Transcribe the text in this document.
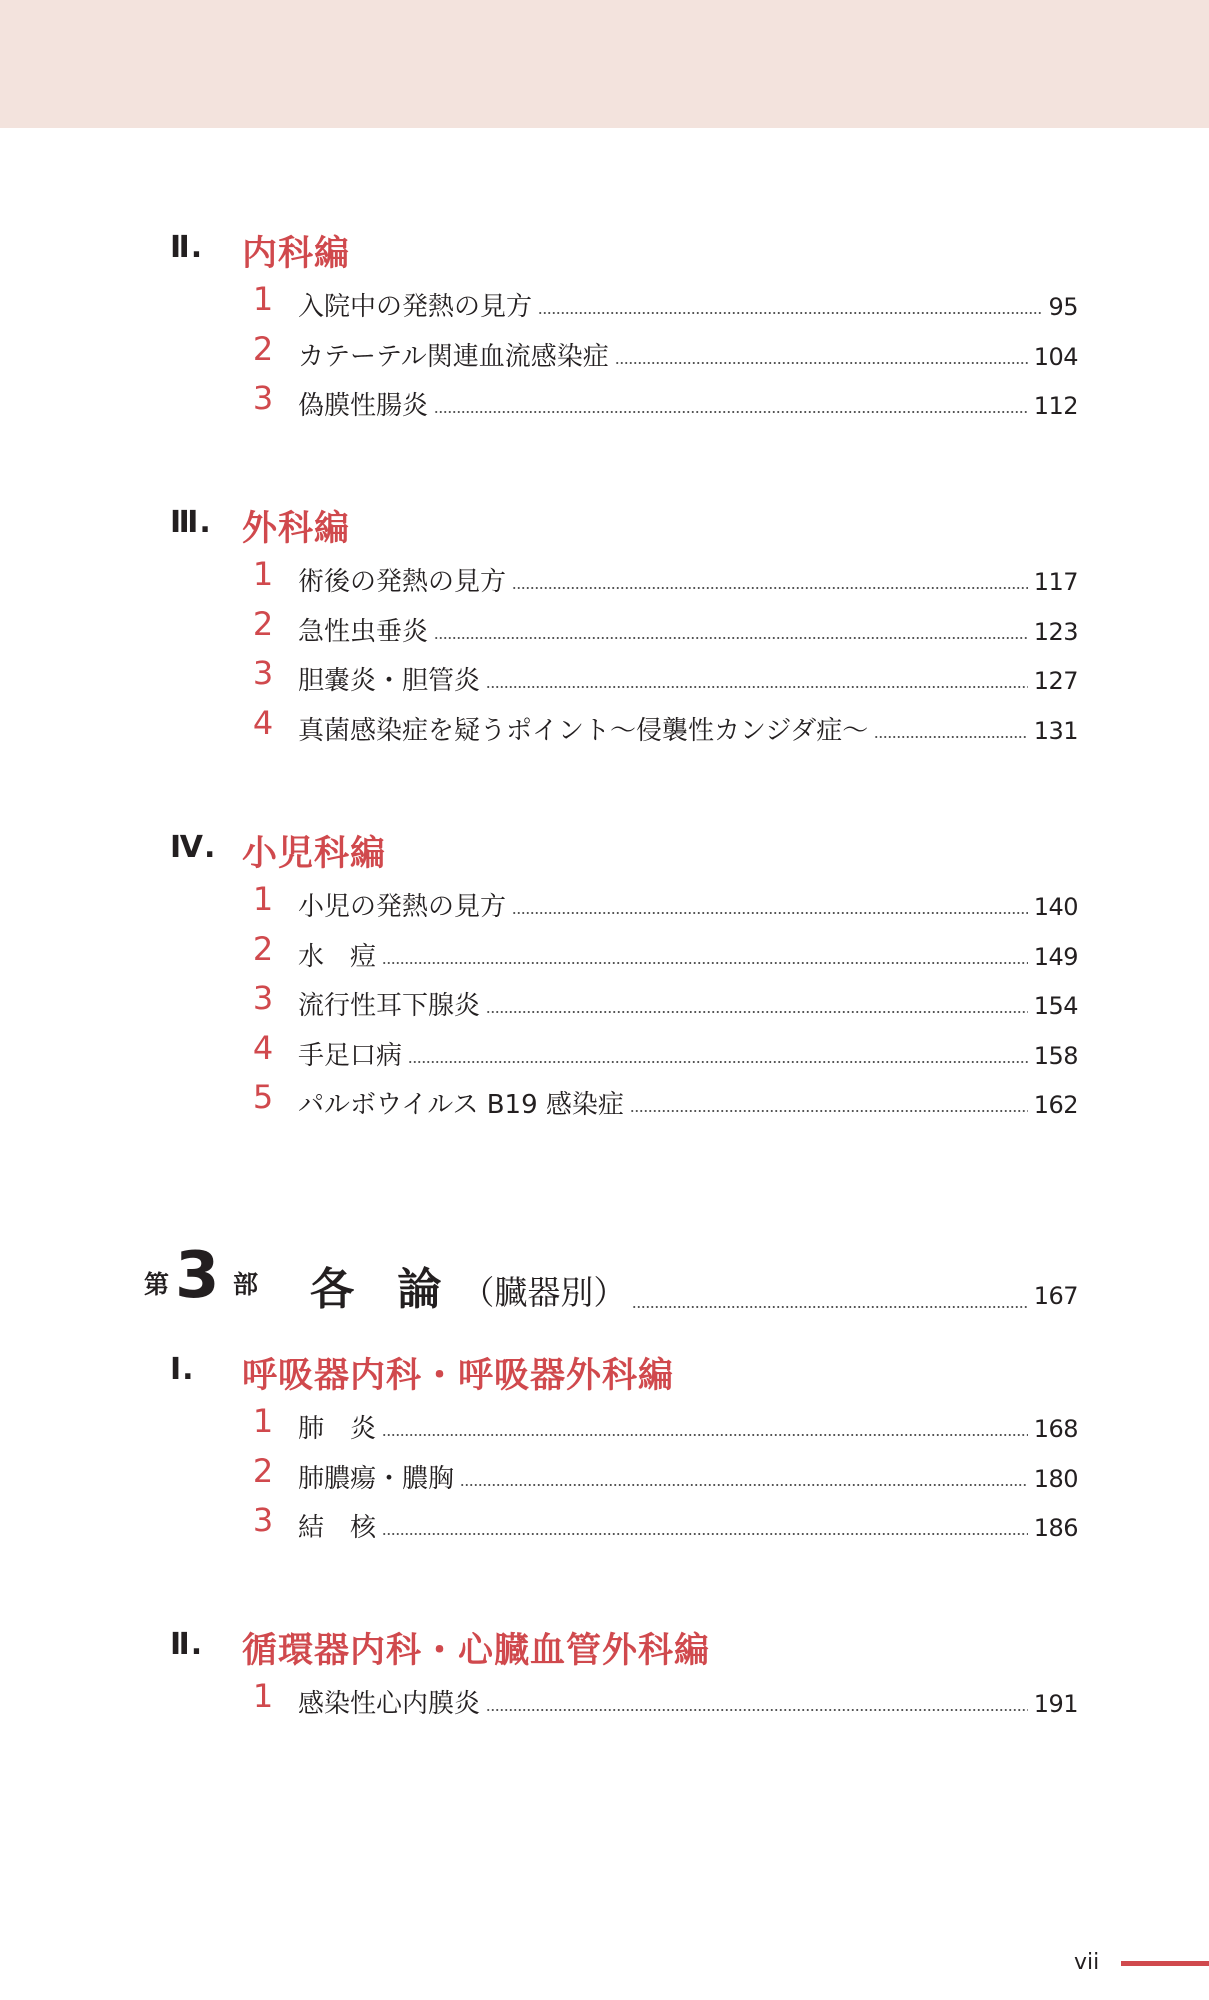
Ⅱ.	内科編
1 入院中の発熱の見方	95
2 カテーテル関連血流感染症	104
3 偽膜性腸炎	112
Ⅲ. 外科編
1 術後の発熱の見方	117
2 急性虫垂炎	123
3 胆嚢炎・胆管炎	127
4 真菌感染症を疑うポイント～侵襲性カンジダ症～	131
Ⅳ. 小児科編
1 小児の発熱の見方	140
2 水　痘	149
3 流行性耳下腺炎	154
4 手足口病	158
5 パルボウイルス B19 感染症	162
第 3 部 各 論 （臓器別）	167
Ⅰ.	呼吸器内科・呼吸器外科編
1 肺　炎	168
2 肺膿瘍・膿胸	180
3 結　核	186
Ⅱ.	循環器内科・心臓血管外科編
1 感染性心内膜炎	191
vii
